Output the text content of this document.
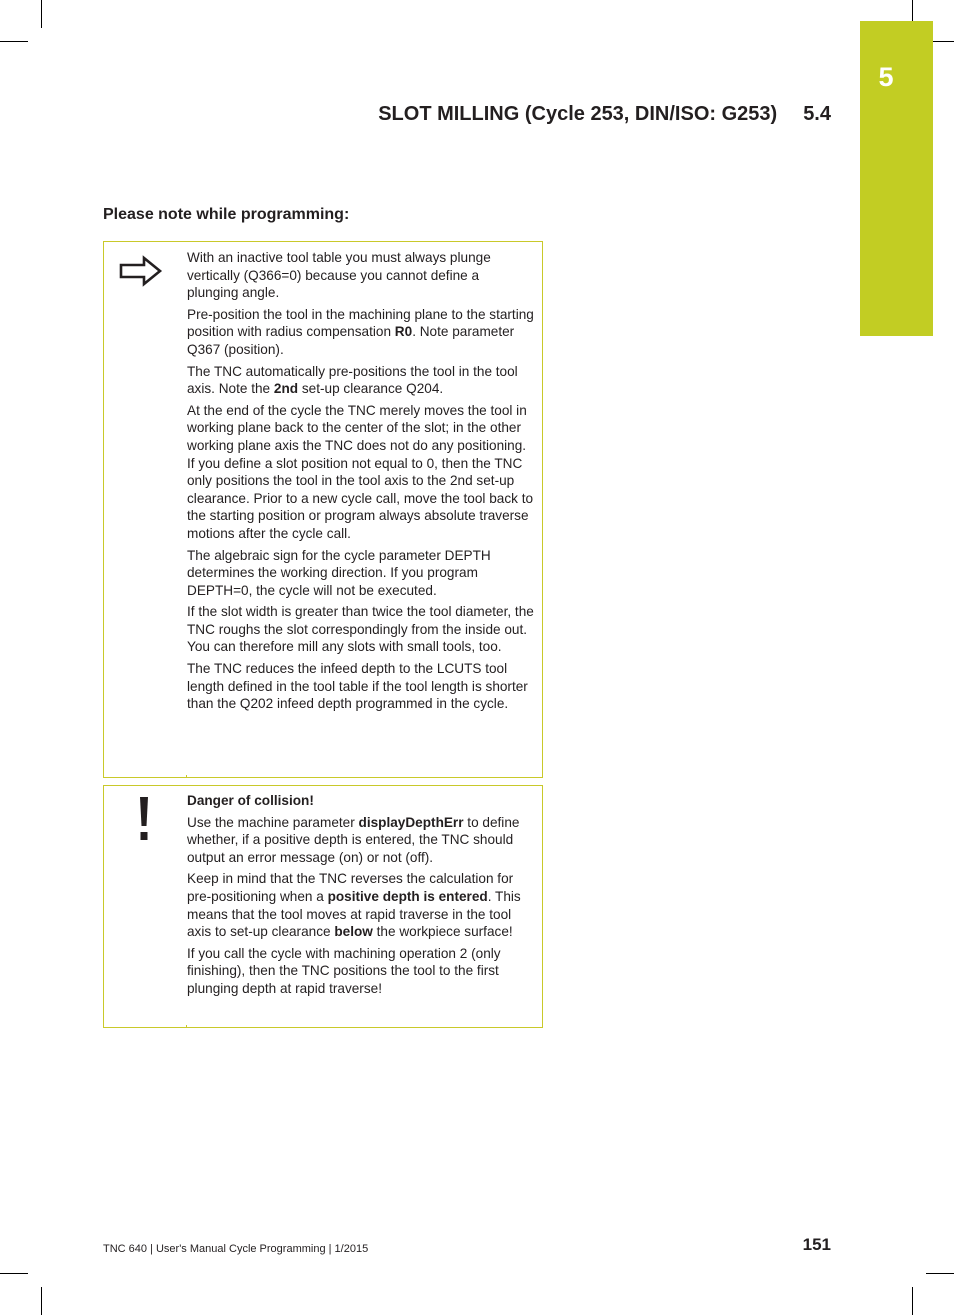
5
SLOT MILLING (Cycle 253, DIN/ISO: G253) 5.4
Please note while programming:

With an inactive tool table you must always plunge vertically (Q366=0) because you cannot define a plunging angle.

Pre-position the tool in the machining plane to the starting position with radius compensation R0. Note parameter Q367 (position).

The TNC automatically pre-positions the tool in the tool axis. Note the 2nd set-up clearance Q204.

At the end of the cycle the TNC merely moves the tool in working plane back to the center of the slot; in the other working plane axis the TNC does not do any positioning. If you define a slot position not equal to 0, then the TNC only positions the tool in the tool axis to the 2nd set-up clearance. Prior to a new cycle call, move the tool back to the starting position or program always absolute traverse motions after the cycle call.

The algebraic sign for the cycle parameter DEPTH determines the working direction. If you program DEPTH=0, the cycle will not be executed.

If the slot width is greater than twice the tool diameter, the TNC roughs the slot correspondingly from the inside out. You can therefore mill any slots with small tools, too.

The TNC reduces the infeed depth to the LCUTS tool length defined in the tool table if the tool length is shorter than the Q202 infeed depth programmed in the cycle.

Danger of collision!

Use the machine parameter displayDepthErr to define whether, if a positive depth is entered, the TNC should output an error message (on) or not (off).

Keep in mind that the TNC reverses the calculation for pre-positioning when a positive depth is entered. This means that the tool moves at rapid traverse in the tool axis to set-up clearance below the workpiece surface!

If you call the cycle with machining operation 2 (only finishing), then the TNC positions the tool to the first plunging depth at rapid traverse!

TNC 640 | User's Manual Cycle Programming | 1/2015	151
